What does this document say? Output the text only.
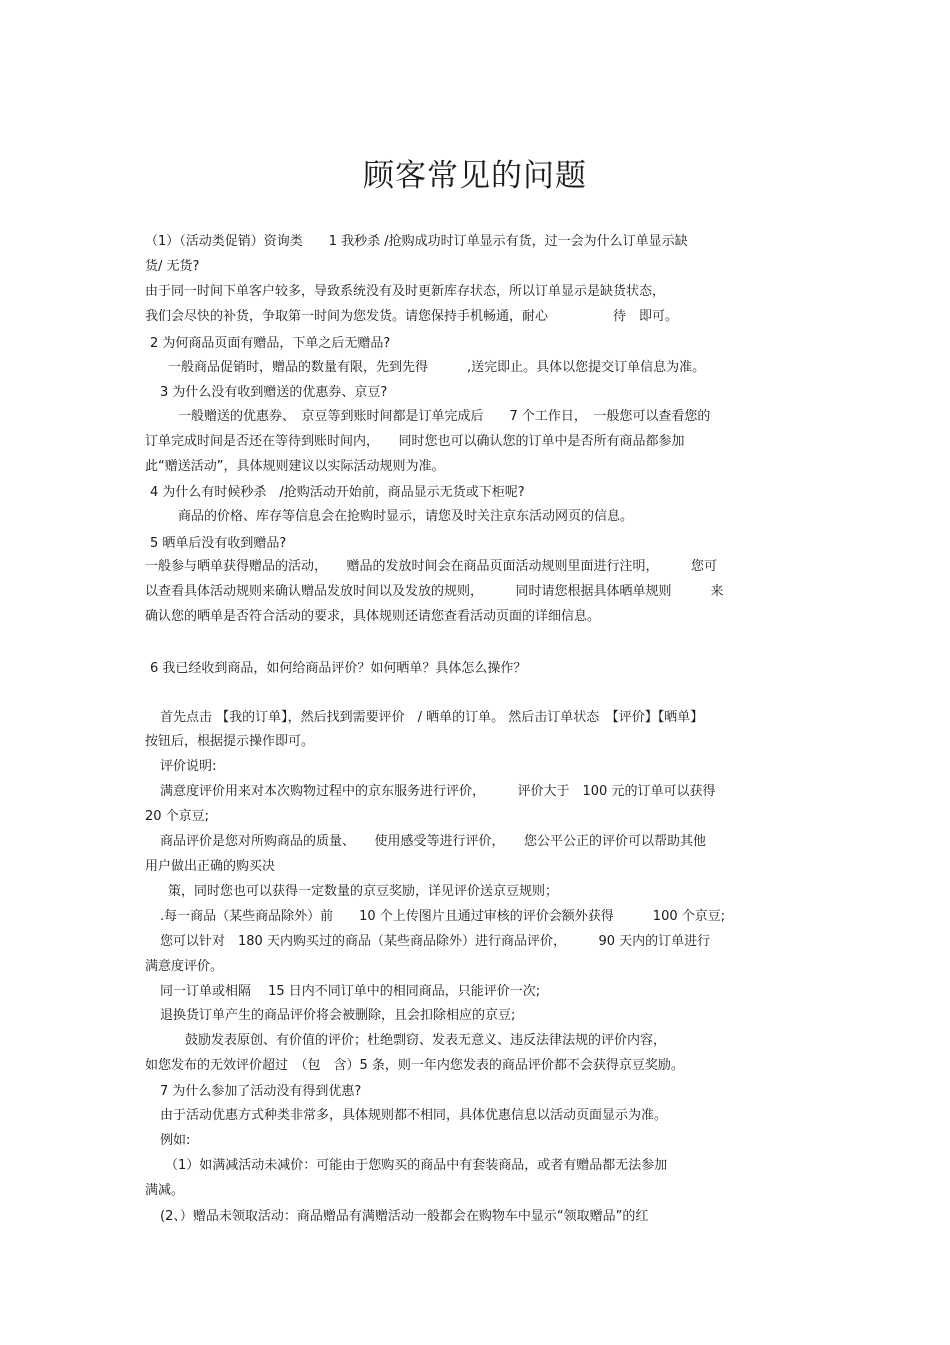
顾客常见的问题
（1）（活动类促销）资询类　　1 我秒杀 /抢购成功时订单显示有货，过一会为什么订单显示缺
货/ 无货?
由于同一时间下单客户较多，导致系统没有及时更新库存状态，所以订单显示是缺货状态，
我们会尽快的补货，争取第一时间为您发货。请您保持手机畅通，耐心　　　　　待　即可。
2 为何商品页面有赠品，下单之后无赠品?
一般商品促销时，赠品的数量有限，先到先得　　　,送完即止。具体以您提交订单信息为准。
3 为什么没有收到赠送的优惠券、京豆?
一般赠送的优惠券、　京豆等到账时间都是订单完成后　　7 个工作日，　一般您可以查看您的
订单完成时间是否还在等待到账时间内，　　同时您也可以确认您的订单中是否所有商品都参加
此“赠送活动”，具体规则建议以实际活动规则为准。
4 为什么有时候秒杀　/抢购活动开始前，商品显示无货或下柜呢?
商品的价格、库存等信息会在抢购时显示，请您及时关注京东活动网页的信息。
5 晒单后没有收到赠品?
一般参与晒单获得赠品的活动，　　赠品的发放时间会在商品页面活动规则里面进行注明，　　　您可
以查看具体活动规则来确认赠品发放时间以及发放的规则，　　　同时请您根据具体晒单规则　　　来
确认您的晒单是否符合活动的要求，具体规则还请您查看活动页面的详细信息。
6 我已经收到商品，如何给商品评价？如何晒单？具体怎么操作？
首先点击 【我的订单】，然后找到需要评价　/ 晒单的订单。 然后击订单状态　【评价】【晒单】
按钮后，根据提示操作即可。
评价说明:
满意度评价用来对本次购物过程中的京东服务进行评价，　　　评价大于　100 元的订单可以获得
20 个京豆;
商品评价是您对所购商品的质量、　　使用感受等进行评价，　　您公平公正的评价可以帮助其他
用户做出正确的购买决
策，同时您也可以获得一定数量的京豆奖励，详见评价送京豆规则；
.每一商品（某些商品除外）前　　10 个上传图片且通过审核的评价会额外获得　　　100 个京豆;
您可以针对　180 天内购买过的商品（某些商品除外）进行商品评价，　　　90 天内的订单进行
满意度评价。
同一订单或相隔　 15 日内不同订单中的相同商品，只能评价一次;
退换货订单产生的商品评价将会被删除，且会扣除相应的京豆;
鼓励发表原创、有价值的评价；杜绝剽窃、发表无意义、违反法律法规的评价内容，
如您发布的无效评价超过　（包　含）5 条，则一年内您发表的商品评价都不会获得京豆奖励。
7 为什么参加了活动没有得到优惠?
由于活动优惠方式种类非常多，具体规则都不相同，具体优惠信息以活动页面显示为准。
例如:
（1）如满减活动未减价：可能由于您购买的商品中有套装商品，或者有赠品都无法参加
满减。
(2、）赠品未领取活动：商品赠品有满赠活动一般都会在购物车中显示“领取赠品”的红
